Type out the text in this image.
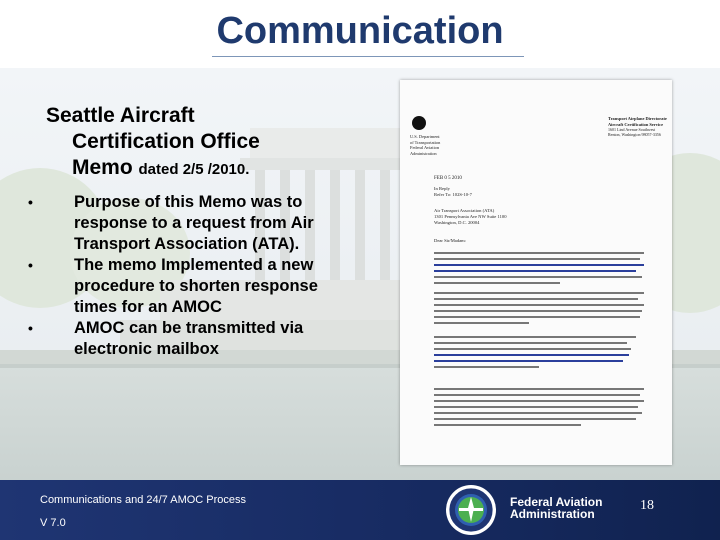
Communication
Seattle Aircraft
Certification Office
Memo dated 2/5 /2010.
•	Purpose of this Memo was to response to a request from Air Transport Association (ATA).
•	The memo Implemented a new procedure to shorten response times for an AMOC
•	AMOC can be transmitted via electronic mailbox
U.S. Department
of Transportation
Federal Aviation
Administration
Transport Airplane Directorate
Aircraft Certification Service
1601 Lind Avenue Southwest
Renton, Washington 98057-3356
FEB 0 5 2010
In Reply
Refer To: 102S-10-7
Air Transport Association (ATA)
1301 Pennsylvania Ave NW Suite 1100
Washington, D.C. 20004
Dear Sir/Madam:
Communications and 24/7 AMOC Process
V 7.0
Federal Aviation
Administration
18
